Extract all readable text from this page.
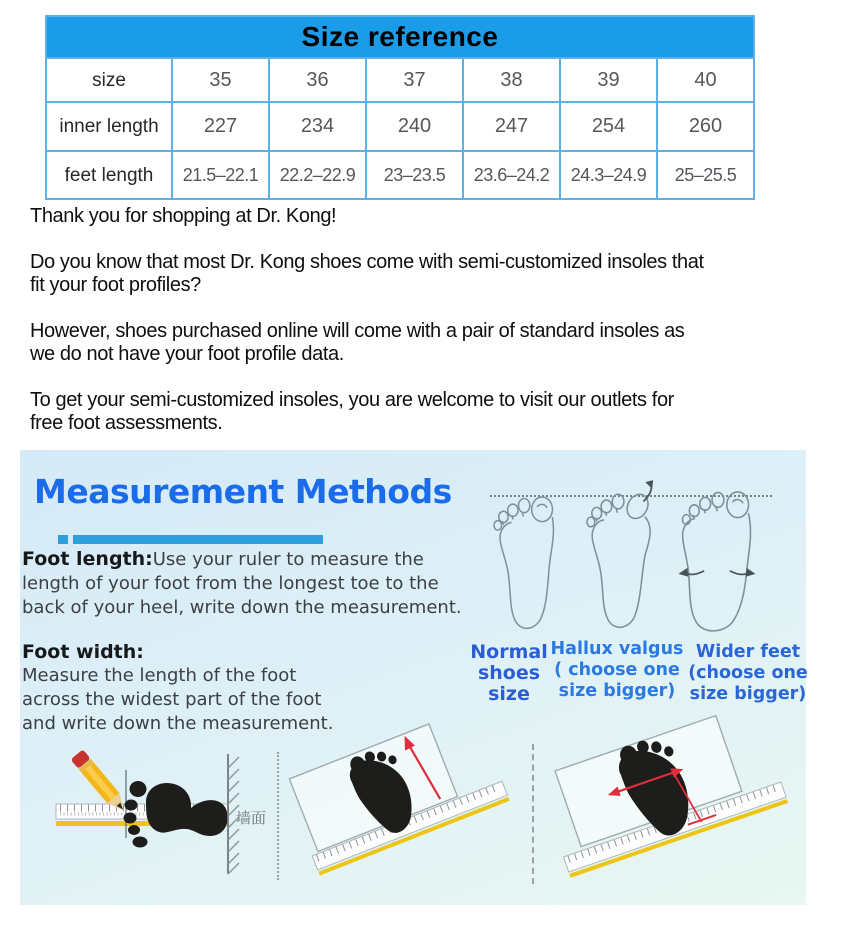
Size reference						
size	35	36	37	38	39	40
inner length	227	234	240	247	254	260
feet length	21.5–22.1	22.2–22.9	23–23.5	23.6–24.2	24.3–24.9	25–25.5
Thank you for shopping at Dr. Kong!
Do you know that most Dr. Kong shoes come with semi-customized insoles that
fit your foot profiles?
However, shoes purchased online will come with a pair of standard insoles as
we do not have your foot profile data.
To get your semi-customized insoles, you are welcome to visit our outlets for
free foot assessments.
Measurement Methods
Foot length:Use your ruler to measure the
length of your foot from the longest toe to the
back of your heel, write down the measurement.
Foot width:
Measure the length of the foot
across the widest part of the foot
and write down the measurement.
Normal
shoes
size
Hallux valgus
( choose one
size bigger)
Wider feet
(choose one
size bigger)
墙面
